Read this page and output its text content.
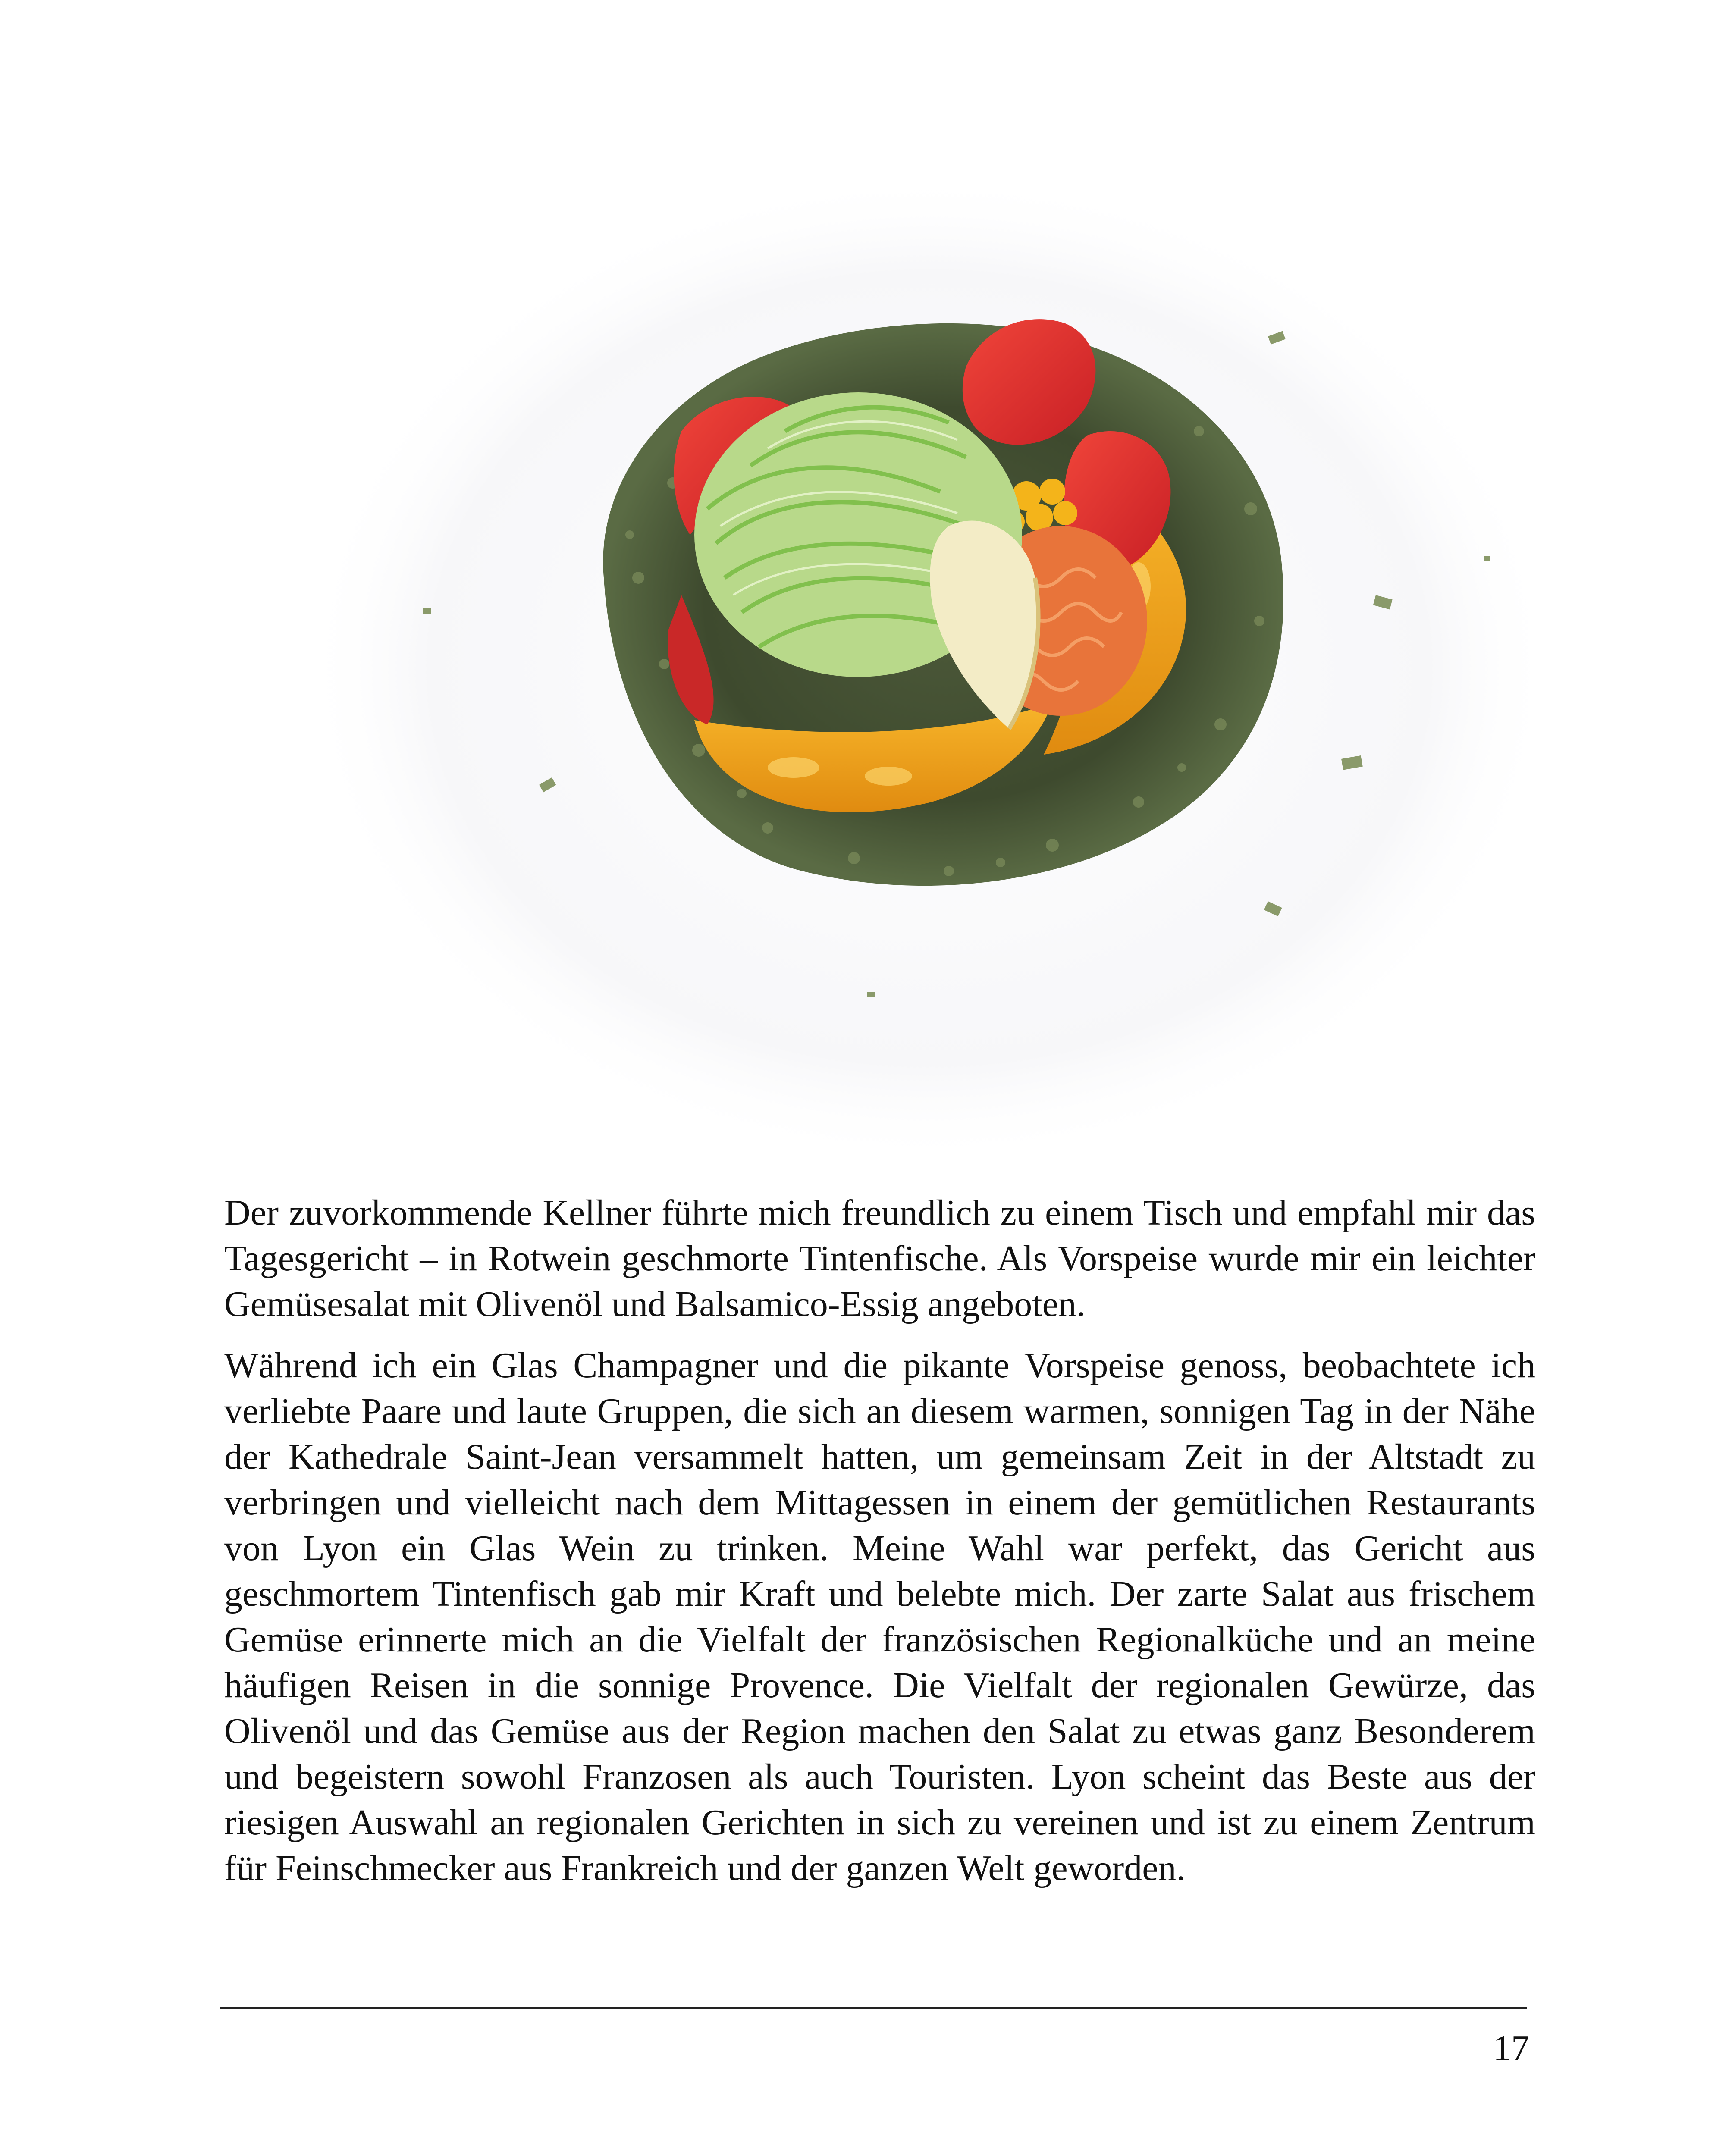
Der zuvorkommende Kellner führte mich freundlich zu einem Tisch und empfahl mir das Tagesgericht – in Rotwein geschmorte Tintenfische. Als Vorspeise wurde mir ein leichter Gemüsesalat mit Olivenöl und Balsamico-Essig angeboten.

Während ich ein Glas Champagner und die pikante Vorspeise genoss, beobachtete ich verliebte Paare und laute Gruppen, die sich an diesem warmen, sonnigen Tag in der Nähe der Kathedrale Saint-Jean versammelt hatten, um gemeinsam Zeit in der Altstadt zu verbringen und vielleicht nach dem Mittagessen in einem der gemütlichen Restaurants von Lyon ein Glas Wein zu trinken. Meine Wahl war perfekt, das Gericht aus geschmortem Tintenfisch gab mir Kraft und belebte mich. Der zarte Salat aus frischem Gemüse erinnerte mich an die Vielfalt der französischen Regionalküche und an meine häufigen Reisen in die sonnige Provence. Die Vielfalt der regionalen Gewürze, das Olivenöl und das Gemüse aus der Region machen den Salat zu etwas ganz Besonderem und begeistern sowohl Franzosen als auch Touristen. Lyon scheint das Beste aus der riesigen Auswahl an regionalen Gerichten in sich zu vereinen und ist zu einem Zentrum für Feinschmecker aus Frankreich und der ganzen Welt geworden.

17
